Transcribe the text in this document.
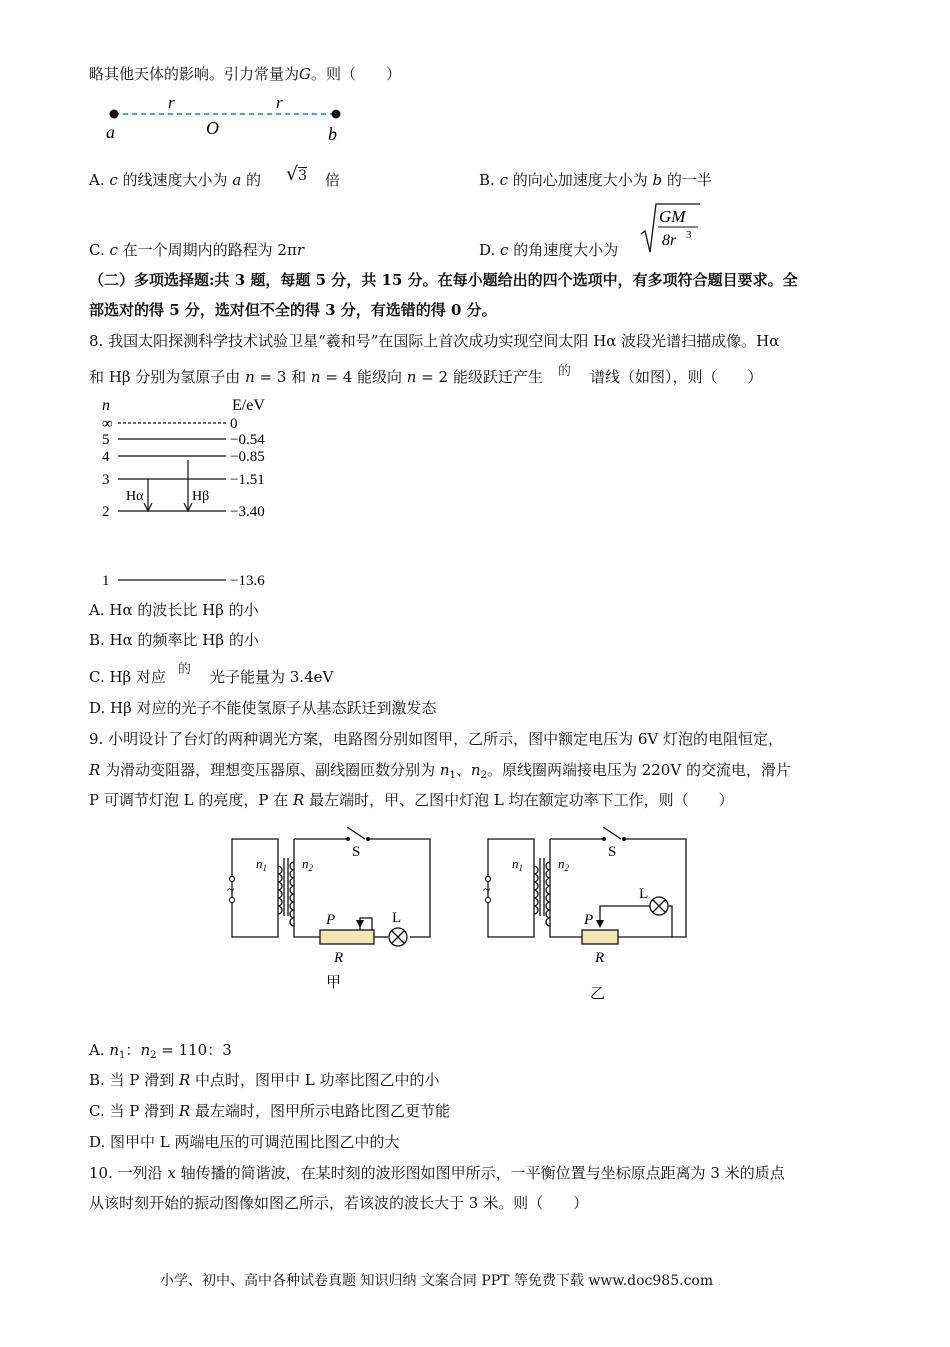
略其他天体的影响。引力常量为G。则（　　）
r	r
a	O	b
A. c 的线速度大小为 a 的 √3 倍	B. c 的向心加速度大小为 b 的一半
C. c 在一个周期内的路程为 2πr	D. c 的角速度大小为
GM
8r 3
（二）多项选择题:共 3 题，每题 5 分，共 15 分。在每小题给出的四个选项中，有多项符合题目要求。全
部选对的得 5 分，选对但不全的得 3 分，有选错的得 0 分。
8. 我国太阳探测科学技术试验卫星“羲和号”在国际上首次成功实现空间太阳 Hα 波段光谱扫描成像。Hα
和 Hβ 分别为氢原子由 n = 3 和 n = 4 能级向 n = 2 能级跃迁产生 的 谱线（如图），则（　　）
n	E/eV
∞	0
5	−0.54
4	−0.85
3	−1.51
2	−3.40
1	−13.6
Hα	Hβ
A. Hα 的波长比 Hβ 的小
B. Hα 的频率比 Hβ 的小
C. Hβ 对应 的 光子能量为 3.4eV
D. Hβ 对应的光子不能使氢原子从基态跃迁到激发态
9. 小明设计了台灯的两种调光方案，电路图分别如图甲，乙所示，图中额定电压为 6V 灯泡的电阻恒定，
R 为滑动变阻器，理想变压器原、副线圈匝数分别为 $n_1$、$n_2$。原线圈两端接电压为 220V 的交流电，滑片
P 可调节灯泡 L 的亮度，P 在 R 最左端时，甲、乙图中灯泡 L 均在额定功率下工作，则（　　）
~
$n_1$	$n_2$
S
P
R
L
甲
~
$n_1$	$n_2$
S
P
R
L
乙
A. $n_1$：$n_2 = 110$：3
B. 当 P 滑到 R 中点时，图甲中 L 功率比图乙中的小
C. 当 P 滑到 R 最左端时，图甲所示电路比图乙更节能
D. 图甲中 L 两端电压的可调范围比图乙中的大
10. 一列沿 x 轴传播的简谐波，在某时刻的波形图如图甲所示，一平衡位置与坐标原点距离为 3 米的质点
从该时刻开始的振动图像如图乙所示，若该波的波长大于 3 米。则（　　）
小学、初中、高中各种试卷真题 知识归纳 文案合同 PPT 等免费下载 www.doc985.com
